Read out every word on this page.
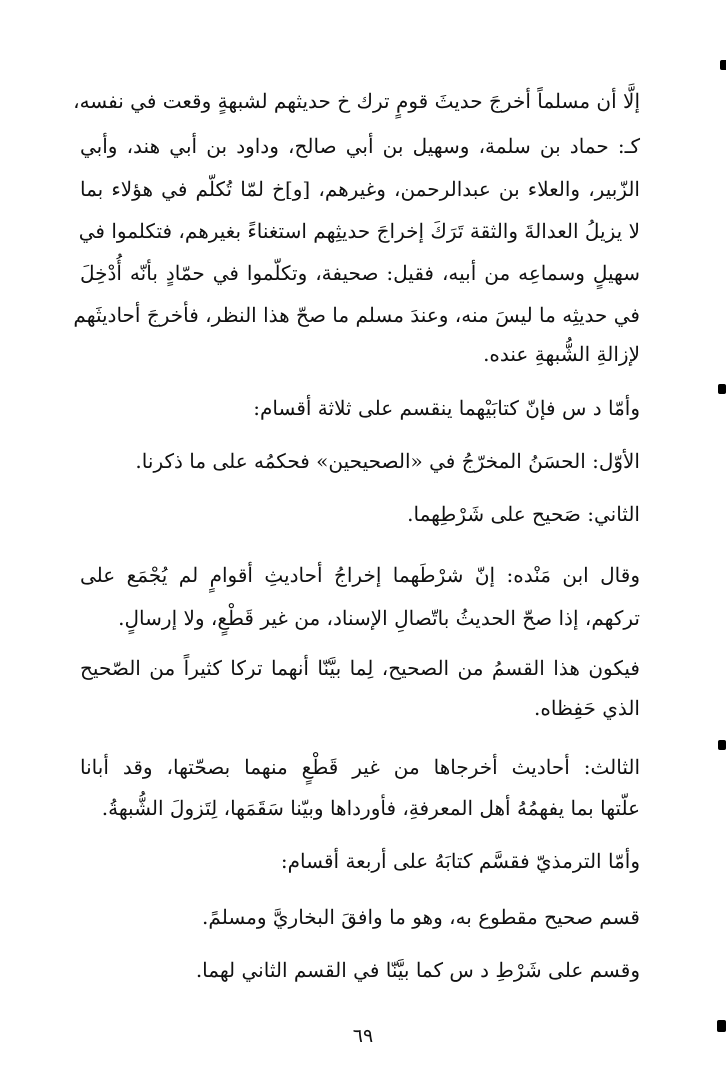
إلَّا أن مسلماً أخرجَ حديثَ قومٍ ترك خ حديثهم لشبهةٍ وقعت في نفسه،
كـ: حماد بن سلمة، وسهيل بن أبي صالح، وداود بن أبي هند، وأبي
الزّبير، والعلاء بن عبدالرحمن، وغيرهم، [و]خ لمّا تُكلّم في هؤلاء بما
لا يزيلُ العدالةَ والثقة تَرَكَ إخراجَ حديثِهم استغناءً بغيرهم، فتكلموا في
سهيلٍ وسماعِه من أبيه، فقيل: صحيفة، وتكلّموا في حمّادٍ بأنّه أُدْخِلَ
في حديثِه ما ليسَ منه، وعندَ مسلم ما صحّ هذا النظر، فأخرجَ أحاديثَهم
لإزالةِ الشُّبهةِ عنده.
وأمّا د س فإنّ كتابَيْهما ينقسم على ثلاثة أقسام:
الأوّل: الحسَنُ المخرّجُ في «الصحيحين» فحكمُه على ما ذكرنا.
الثاني: صَحيح على شَرْطِهما.
وقال ابن مَنْده: إنّ شرْطَهما إخراجُ أحاديثِ أقوامٍ لم يُجْمَع على
تركهم، إذا صحّ الحديثُ باتّصالِ الإسناد، من غير قَطْعٍ، ولا إرسالٍ.
فيكون هذا القسمُ من الصحيح، لِما بيَّنّا أنهما تركا كثيراً من الصّحيح
الذي حَفِظاه.
الثالث: أحاديث أخرجاها من غير قَطْعٍ منهما بصحّتها، وقد أبانا
علّتها بما يفهمُهُ أهل المعرفةِ، فأورداها وبيّنا سَقَمَها، لِتَزولَ الشُّبهةُ.
وأمّا الترمذيّ فقسَّم كتابَهُ على أربعة أقسام:
قسم صحيح مقطوع به، وهو ما وافقَ البخاريَّ ومسلمً.
وقسم على شَرْطِ د س كما بيَّنّا في القسم الثاني لهما.
٦٩
